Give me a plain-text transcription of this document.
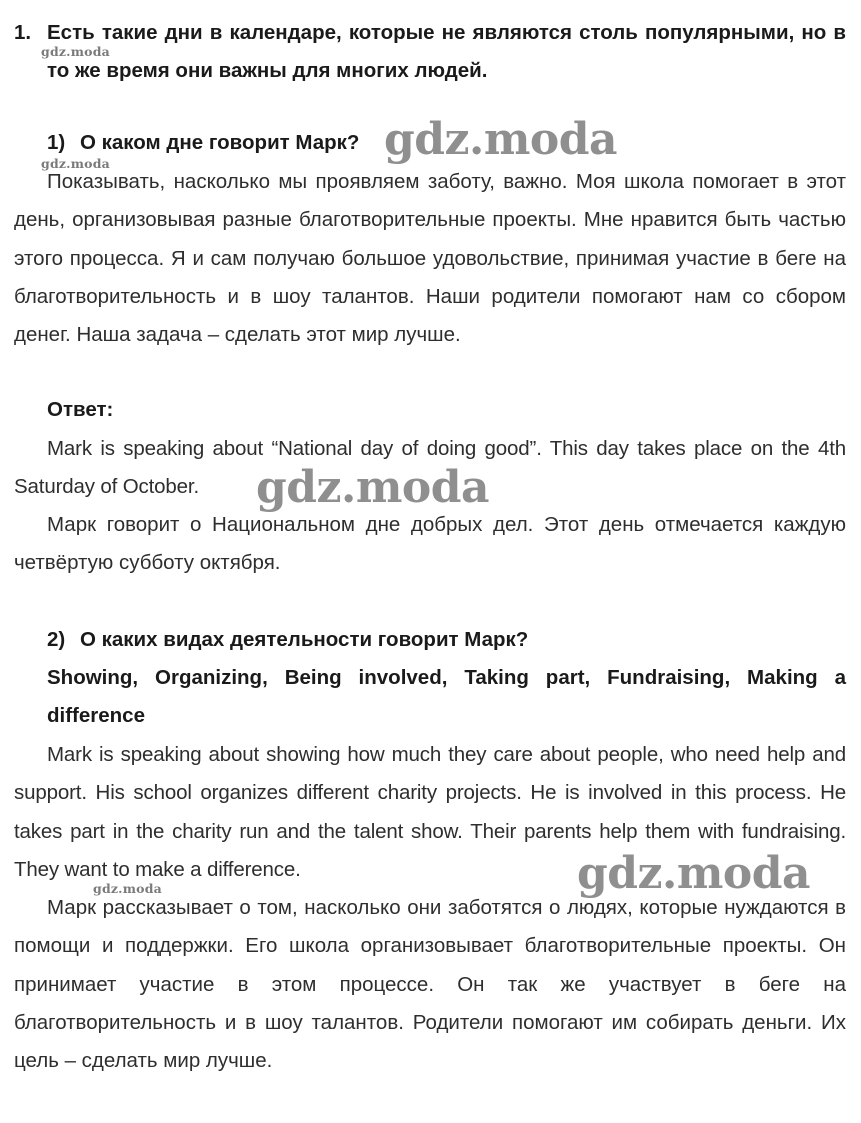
1. Есть такие дни в календаре, которые не являются столь популярными, но в то же время они важны для многих людей.
1) О каком дне говорит Марк?
Показывать, насколько мы проявляем заботу, важно. Моя школа помогает в этот день, организовывая разные благотворительные проекты. Мне нравится быть частью этого процесса. Я и сам получаю большое удовольствие, принимая участие в беге на благотворительность и в шоу талантов. Наши родители помогают нам со сбором денег. Наша задача – сделать этот мир лучше.
Ответ:
Mark is speaking about “National day of doing good”. This day takes place on the 4th Saturday of October.
Марк говорит о Национальном дне добрых дел. Этот день отмечается каждую четвёртую субботу октября.
2) О каких видах деятельности говорит Марк?
Showing, Organizing, Being involved, Taking part, Fundraising, Making a difference
Mark is speaking about showing how much they care about people, who need help and support. His school organizes different charity projects. He is involved in this process. He takes part in the charity run and the talent show. Their parents help them with fundraising. They want to make a difference.
Марк рассказывает о том, насколько они заботятся о людях, которые нуждаются в помощи и поддержки. Его школа организовывает благотворительные проекты. Он принимает участие в этом процессе. Он так же участвует в беге на благотворительность и в шоу талантов. Родители помогают им собирать деньги. Их цель – сделать мир лучше.
gdz.moda
gdz.moda
gdz.moda
gdz.moda
gdz.moda
gdz.moda
